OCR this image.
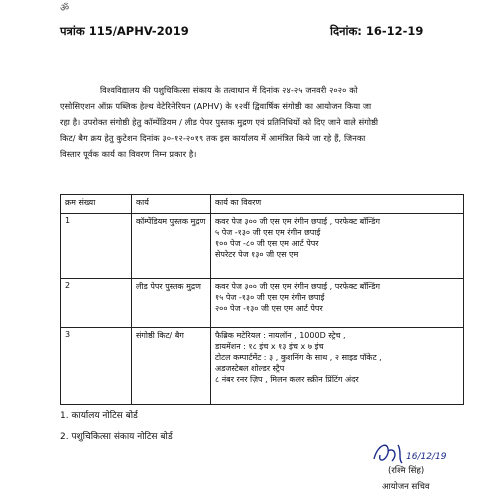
ॐ
पत्रांक 115/APHV-2019	दिनांक: 16-12-19
विश्वविद्यालय की पशुचिकित्सा संकाय के तत्वाधान में दिनांक २४-२५ जनवरी २०२० को
एसोसिएशन ऑफ़ पब्लिक हेल्थ वेटेरिनेरियन (APHV) के १२वीं द्विवार्षिक संगोष्ठी का आयोजन किया जा
रहा है। उपरोक्त संगोष्ठी हेतु कॉम्पेंडियम / लीड पेपर पुस्तक मुद्रण एवं प्रतिनिधियों को दिए जाने वाले संगोष्ठी
किट/ बैग क्रय हेतु कुटेशन दिनांक ३०-१२-२०१९ तक इस कार्यालय में आमंत्रित किये जा रहे हैं, जिनका
विस्तार पूर्वक कार्य का विवरण निम्न प्रकार है।
क्रम संख्या	कार्य	कार्य का विवरण
1	कॉम्पेंडियम पुस्तक मुद्रण	कवर पेज ३०० जी एस एम रंगीन छपाई , परफेक्ट बाँन्डिंग
५ पेज -१३० जी एस एम रंगीन छपाई
१०० पेज -८० जी एस एम आर्ट पेपर
सेपरेटर पेज १३० जी एस एम

2	लीड पेपर पुस्तक मुद्रण	कवर पेज ३०० जी एस एम रंगीन छपाई , परफेक्ट बाँन्डिंग
१५ पेज -१३० जी एस एम रंगीन छपाई
२०० पेज -१३० जी एस एम आर्ट पेपर

3	संगोष्ठी किट/ बैग	फैब्रिक मटेरियल : नायलॉन , 1000D स्ट्रेच ,
डायमेंशन : १८ इंच x १३ इंच x ७ इंच
टोटल कम्पार्टमेंट : ३ , कुशनिंग के साथ , २ साइड पॉकेट ,
अडजस्टेबल शोल्डर स्ट्रैप
८ नंबर रनर ज़िप , मिलन कलर स्क्रीन प्रिंटिंग अंदर
1. कार्यालय नोटिस बोर्ड
2. पशुचिकित्सा संकाय नोटिस बोर्ड
16/12/19
(रश्मि सिंह)
आयोजन सचिव
